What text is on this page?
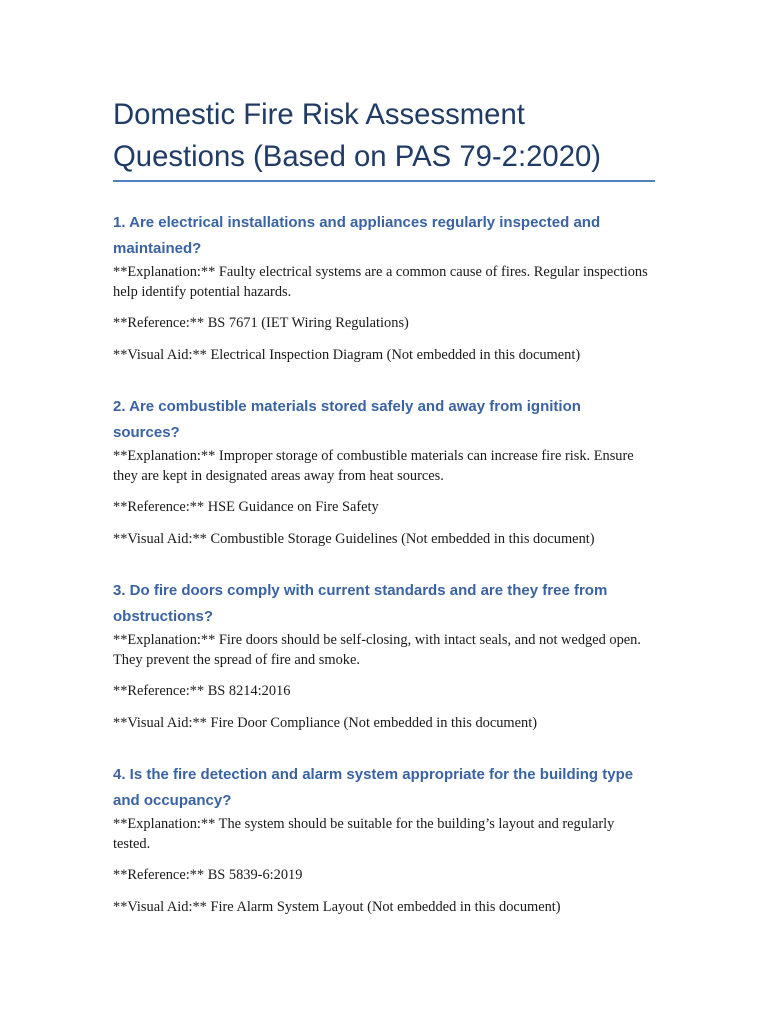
Domestic Fire Risk Assessment Questions (Based on PAS 79-2:2020)
1. Are electrical installations and appliances regularly inspected and
maintained?

**Explanation:** Faulty electrical systems are a common cause of fires. Regular inspections
help identify potential hazards.

**Reference:** BS 7671 (IET Wiring Regulations)

**Visual Aid:** Electrical Inspection Diagram (Not embedded in this document)

2. Are combustible materials stored safely and away from ignition
sources?

**Explanation:** Improper storage of combustible materials can increase fire risk. Ensure
they are kept in designated areas away from heat sources.

**Reference:** HSE Guidance on Fire Safety

**Visual Aid:** Combustible Storage Guidelines (Not embedded in this document)

3. Do fire doors comply with current standards and are they free from
obstructions?

**Explanation:** Fire doors should be self-closing, with intact seals, and not wedged open.
They prevent the spread of fire and smoke.

**Reference:** BS 8214:2016

**Visual Aid:** Fire Door Compliance (Not embedded in this document)

4. Is the fire detection and alarm system appropriate for the building type
and occupancy?

**Explanation:** The system should be suitable for the building’s layout and regularly
tested.

**Reference:** BS 5839-6:2019

**Visual Aid:** Fire Alarm System Layout (Not embedded in this document)
